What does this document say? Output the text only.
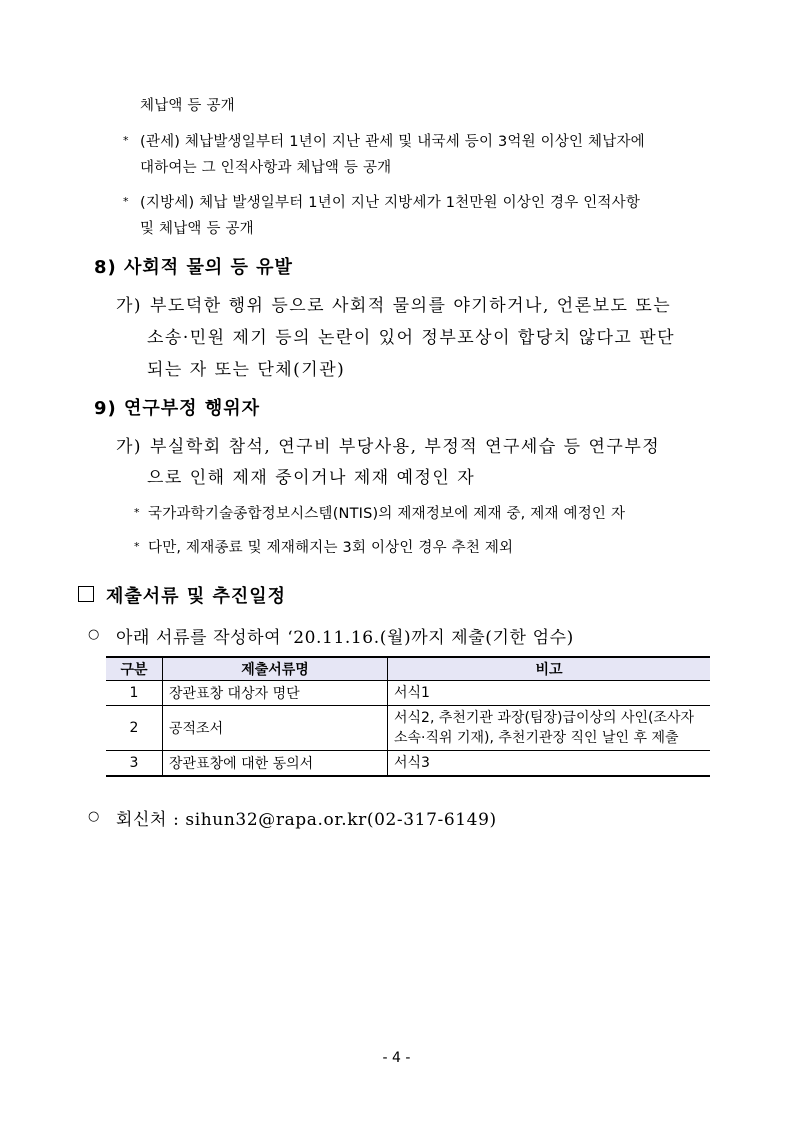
체납액 등 공개
* (관세) 체납발생일부터 1년이 지난 관세 및 내국세 등이 3억원 이상인 체납자에
대하여는 그 인적사항과 체납액 등 공개
* (지방세) 체납 발생일부터 1년이 지난 지방세가 1천만원 이상인 경우 인적사항
및 체납액 등 공개
8) 사회적 물의 등 유발
가) 부도덕한 행위 등으로 사회적 물의를 야기하거나, 언론보도 또는
소송·민원 제기 등의 논란이 있어 정부포상이 합당치 않다고 판단
되는 자 또는 단체(기관)
9) 연구부정 행위자
가) 부실학회 참석, 연구비 부당사용, 부정적 연구세습 등 연구부정
으로 인해 제재 중이거나 제재 예정인 자
* 국가과학기술종합정보시스템(NTIS)의 제재정보에 제재 중, 제재 예정인 자
* 다만, 제재종료 및 제재해지는 3회 이상인 경우 추천 제외
제출서류 및 추진일정
○ 아래 서류를 작성하여 ‘20.11.16.(월)까지 제출(기한 엄수)
구분	제출서류명	비고
1	장관표창 대상자 명단	서식1
2	공적조서	서식2, 추천기관 과장(팀장)급이상의 사인(조사자
소속·직위 기재), 추천기관장 직인 날인 후 제출

3	장관표창에 대한 동의서	서식3
○ 회신처 : sihun32@rapa.or.kr(02-317-6149)
- 4 -
